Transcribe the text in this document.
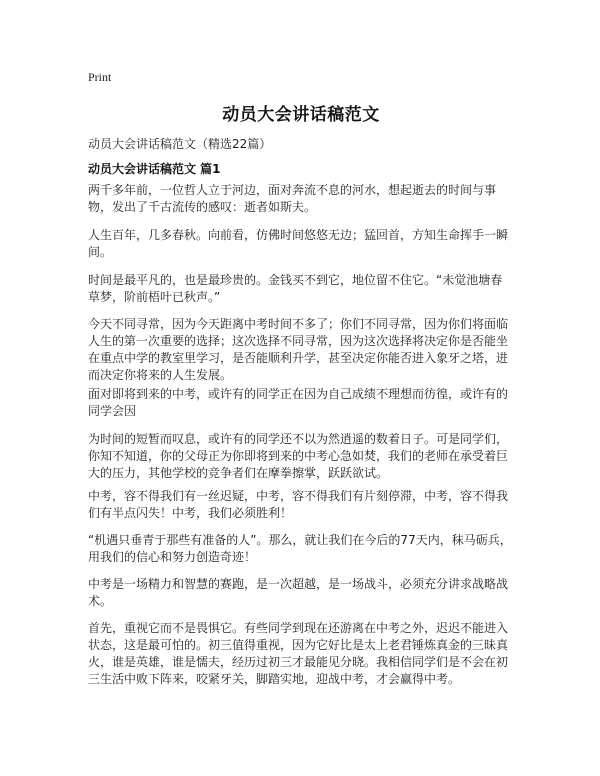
Print
动员大会讲话稿范文
动员大会讲话稿范文（精选22篇）
动员大会讲话稿范文 篇1

两千多年前，一位哲人立于河边，面对奔流不息的河水，想起逝去的时间与事物，发出了千古流传的感叹：逝者如斯夫。

人生百年，几多春秋。向前看，仿佛时间悠悠无边；猛回首，方知生命挥手一瞬间。

时间是最平凡的，也是最珍贵的。金钱买不到它，地位留不住它。“未觉池塘春草梦，阶前梧叶已秋声。”

今天不同寻常，因为今天距离中考时间不多了；你们不同寻常，因为你们将面临人生的第一次重要的选择；这次选择不同寻常，因为这次选择将决定你是否能坐在重点中学的教室里学习，是否能顺利升学，甚至决定你能否进入象牙之塔，进而决定你将来的人生发展。

面对即将到来的中考，或许有的同学正在因为自己成绩不理想而彷徨，或许有的同学会因

为时间的短暂而叹息，或许有的同学还不以为然逍遥的数着日子。可是同学们，你知不知道，你的父母正为你即将到来的中考心急如焚，我们的老师在承受着巨大的压力，其他学校的竞争者们在摩拳擦掌，跃跃欲试。

中考，容不得我们有一丝迟疑，中考，容不得我们有片刻停滞，中考，容不得我们有半点闪失！中考，我们必须胜利！

“机遇只垂青于那些有准备的人”。那么，就让我们在今后的77天内，秣马砺兵，用我们的信心和努力创造奇迹！

中考是一场精力和智慧的赛跑，是一次超越，是一场战斗，必须充分讲求战略战术。

首先，重视它而不是畏惧它。有些同学到现在还游离在中考之外，迟迟不能进入状态，这是最可怕的。初三值得重视，因为它好比是太上老君锤炼真金的三昧真火，谁是英雄，谁是懦夫，经历过初三才最能见分晓。我相信同学们是不会在初三生活中败下阵来，咬紧牙关，脚踏实地，迎战中考，才会赢得中考。
